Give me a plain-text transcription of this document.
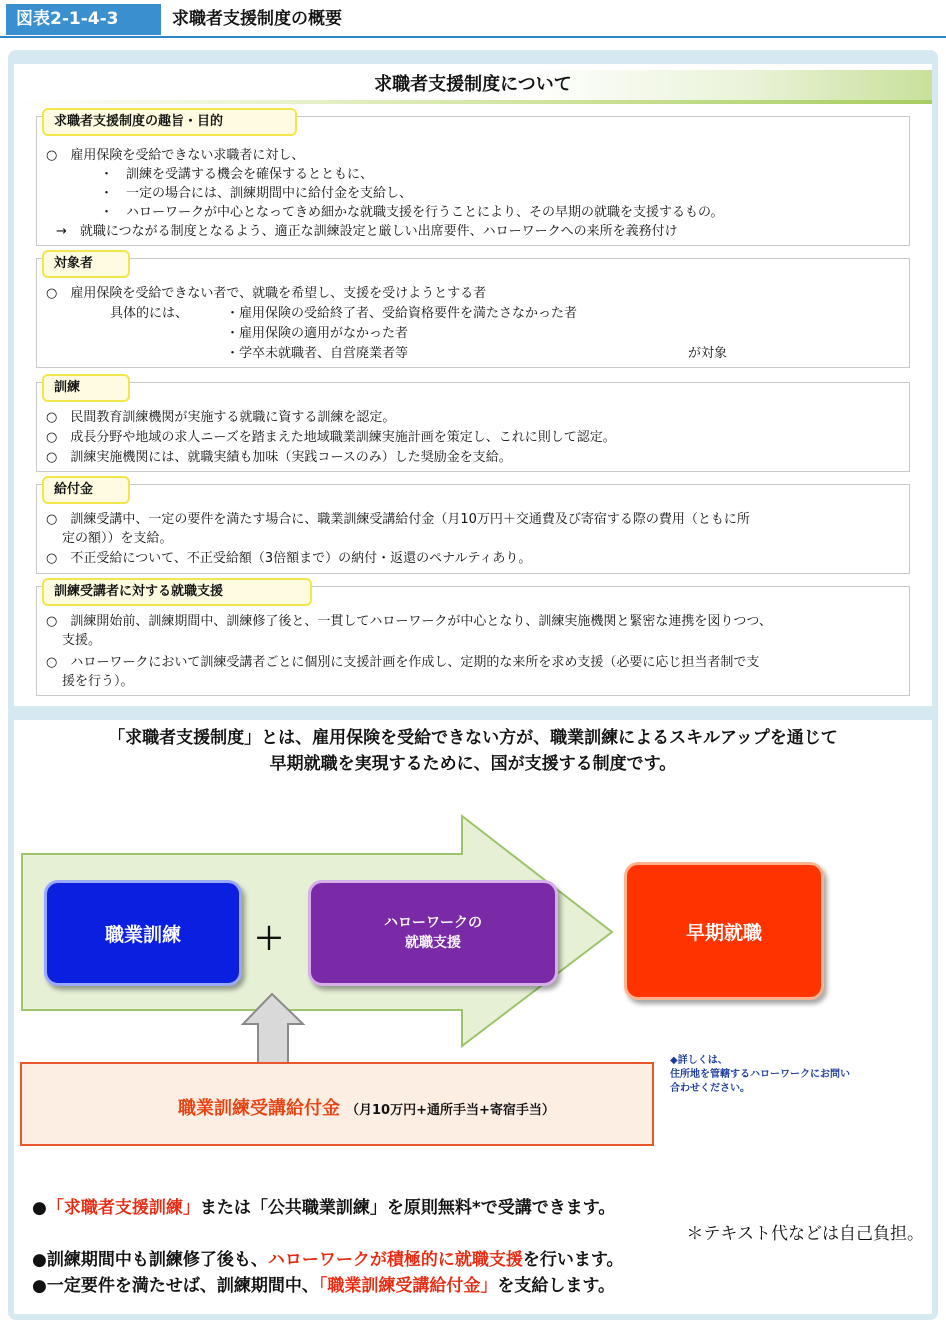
図表2-1-4-3	求職者支援制度の概要
求職者支援制度について
求職者支援制度の趣旨・目的
○　雇用保険を受給できない求職者に対し、
・　訓練を受講する機会を確保するとともに、
・　一定の場合には、訓練期間中に給付金を支給し、
・　ハローワークが中心となってきめ細かな就職支援を行うことにより、その早期の就職を支援するもの。
→　就職につながる制度となるよう、適正な訓練設定と厳しい出席要件、ハローワークへの来所を義務付け
対象者
○　雇用保険を受給できない者で、就職を希望し、支援を受けようとする者
具体的には、	・雇用保険の受給終了者、受給資格要件を満たさなかった者
・雇用保険の適用がなかった者
・学卒未就職者、自営廃業者等	が対象
訓練
○　民間教育訓練機関が実施する就職に資する訓練を認定。
○　成長分野や地域の求人ニーズを踏まえた地域職業訓練実施計画を策定し、これに則して認定。
○　訓練実施機関には、就職実績も加味（実践コースのみ）した奨励金を支給。
給付金
○　訓練受講中、一定の要件を満たす場合に、職業訓練受講給付金（月10万円＋交通費及び寄宿する際の費用（ともに所
定の額））を支給。
○　不正受給について、不正受給額（3倍額まで）の納付・返還のペナルティあり。
訓練受講者に対する就職支援
○　訓練開始前、訓練期間中、訓練修了後と、一貫してハローワークが中心となり、訓練実施機関と緊密な連携を図りつつ、
支援。
○　ハローワークにおいて訓練受講者ごとに個別に支援計画を作成し、定期的な来所を求め支援（必要に応じ担当者制で支
援を行う）。
「求職者支援制度」とは、雇用保険を受給できない方が、職業訓練によるスキルアップを通じて
早期就職を実現するために、国が支援する制度です。
職業訓練 ＋	ハローワークの
就職支援	早期就職
職業訓練受講給付金 （月10万円+通所手当+寄宿手当）
◆詳しくは、
住所地を管轄するハローワークにお問い
合わせください。
●「求職者支援訓練」または「公共職業訓練」を原則無料*で受講できます。
＊テキスト代などは自己負担。
●訓練期間中も訓練修了後も、ハローワークが積極的に就職支援を行います。
●一定要件を満たせば、訓練期間中、「職業訓練受講給付金」を支給します。
